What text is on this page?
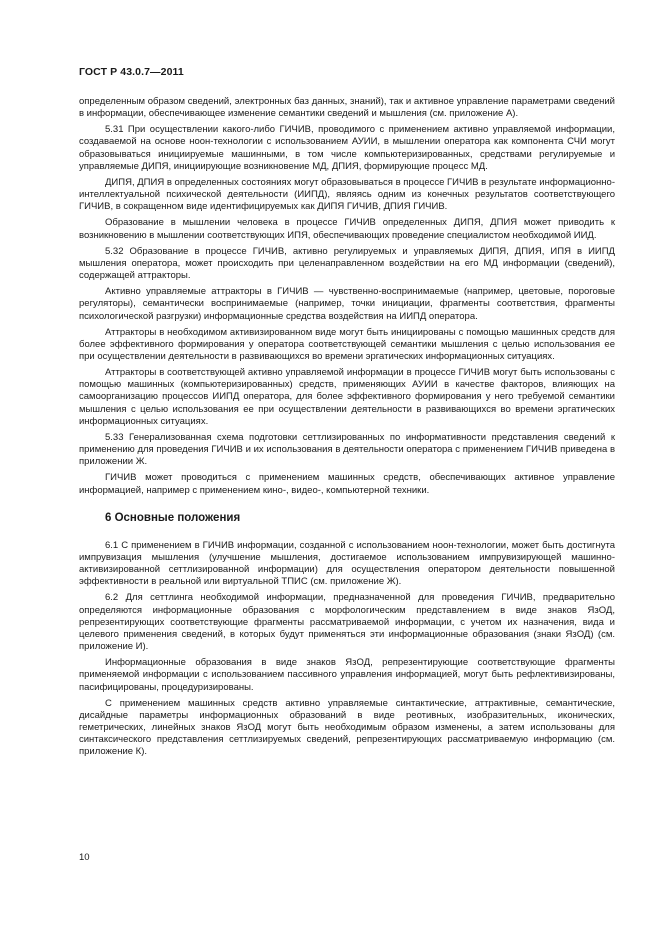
ГОСТ Р 43.0.7—2011

определенным образом сведений, электронных баз данных, знаний), так и активное управление параметрами сведений в информации, обеспечивающее изменение семантики сведений и мышления (см. приложение А).

5.31 При осуществлении какого-либо ГИЧИВ, проводимого с применением активно управляемой информации, создаваемой на основе ноон-технологии с использованием АУИИ, в мышлении оператора как компонента СЧИ могут образовываться инициируемые машинными, в том числе компьютеризированных, средствами регулируемые и управляемые ДИПЯ, инициирующие возникновение МД, ДПИЯ, формирующие процесс МД.

ДИПЯ, ДПИЯ в определенных состояниях могут образовываться в процессе ГИЧИВ в результате информационно-интеллектуальной психической деятельности (ИИПД), являясь одним из конечных результатов соответствующего ГИЧИВ, в сокращенном виде идентифицируемых как ДИПЯ ГИЧИВ, ДПИЯ ГИЧИВ.

Образование в мышлении человека в процессе ГИЧИВ определенных ДИПЯ, ДПИЯ может приводить к возникновению в мышлении соответствующих ИПЯ, обеспечивающих проведение специалистом необходимой ИИД.

5.32 Образование в процессе ГИЧИВ, активно регулируемых и управляемых ДИПЯ, ДПИЯ, ИПЯ в ИИПД мышления оператора, может происходить при целенаправленном воздействии на его МД информации (сведений), содержащей аттракторы.

Активно управляемые аттракторы в ГИЧИВ — чувственно-воспринимаемые (например, цветовые, пороговые регуляторы), семантически воспринимаемые (например, точки инициации, фрагменты соответствия, фрагменты психологической разгрузки) информационные средства воздействия на ИИПД оператора.

Аттракторы в необходимом активизированном виде могут быть инициированы с помощью машинных средств для более эффективного формирования у оператора соответствующей семантики мышления с целью использования ее при осуществлении деятельности в развивающихся во времени эргатических информационных ситуациях.

Аттракторы в соответствующей активно управляемой информации в процессе ГИЧИВ могут быть использованы с помощью машинных (компьютеризированных) средств, применяющих АУИИ в качестве факторов, влияющих на самоорганизацию процессов ИИПД оператора, для более эффективного формирования у него требуемой семантики мышления с целью использования ее при осуществлении деятельности в развивающихся во времени эргатических информационных ситуациях.

5.33 Генерализованная схема подготовки сеттлизированных по информативности представления сведений к применению для проведения ГИЧИВ и их использования в деятельности оператора с применением ГИЧИВ приведена в приложении Ж.

ГИЧИВ может проводиться с применением машинных средств, обеспечивающих активное управление информацией, например с применением кино-, видео-, компьютерной техники.

6 Основные положения

6.1 С применением в ГИЧИВ информации, созданной с использованием ноон-технологии, может быть достигнута импрувизация мышления (улучшение мышления, достигаемое использованием импрувизирующей машинно-активизированной сеттлизированной информации) для осуществления оператором деятельности повышенной эффективности в реальной или виртуальной ТПИС (см. приложение Ж).

6.2 Для сеттлинга необходимой информации, предназначенной для проведения ГИЧИВ, предварительно определяются информационные образования с морфологическим представлением в виде знаков ЯзОД, репрезентирующих соответствующие фрагменты рассматриваемой информации, с учетом их назначения, вида и целевого применения сведений, в которых будут применяться эти информационные образования (знаки ЯзОД) (см. приложение И).

Информационные образования в виде знаков ЯзОД, репрезентирующие соответствующие фрагменты применяемой информации с использованием пассивного управления информацией, могут быть рефлективизированы, пасифицированы, процедуризированы.

С применением машинных средств активно управляемые синтактические, аттрактивные, семантические, дисайдные параметры информационных образований в виде реотивных, изобразительных, иконических, геметрических, линейных знаков ЯзОД могут быть необходимым образом изменены, а затем использованы для синтаксического представления сеттлизируемых сведений, репрезентирующих рассматриваемую информацию (см. приложение К).

10
